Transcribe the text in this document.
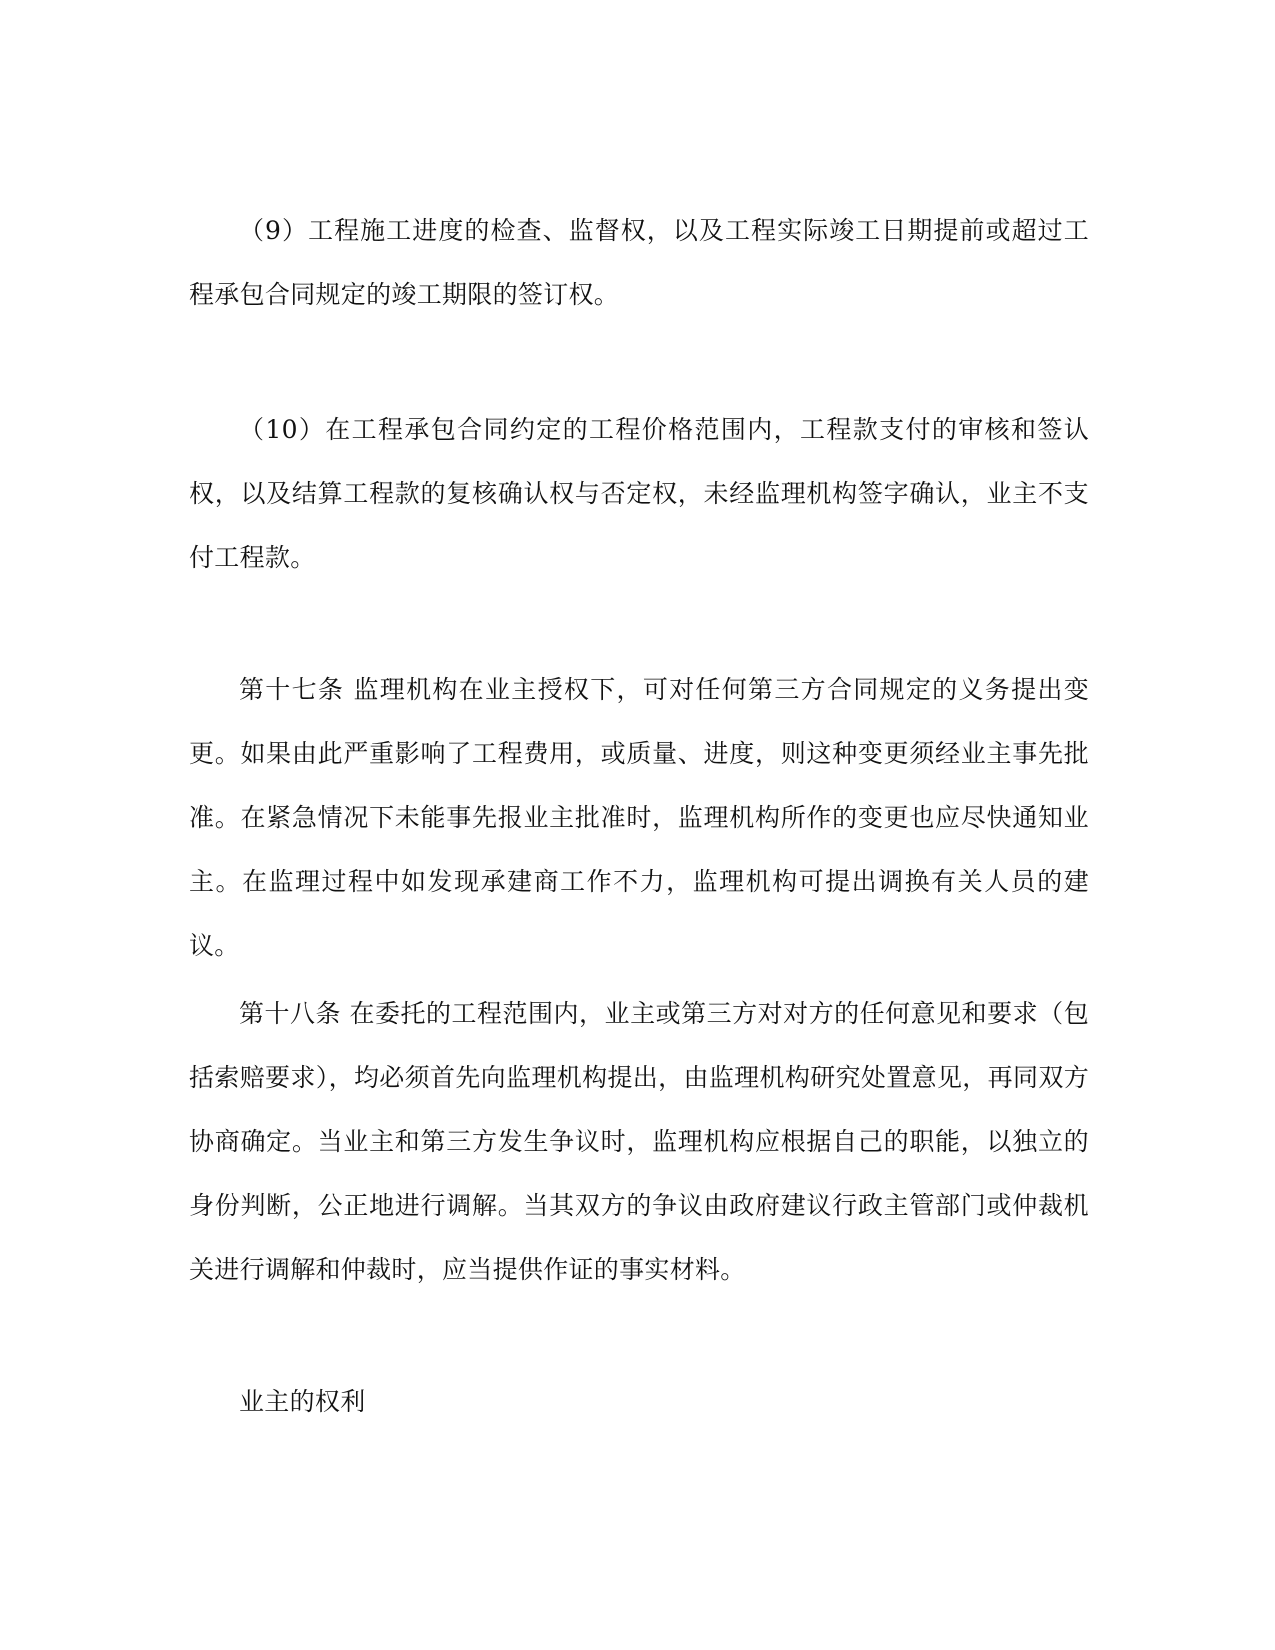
（9）工程施工进度的检查、监督权，以及工程实际竣工日期提前或超过工程承包合同规定的竣工期限的签订权。

（10）在工程承包合同约定的工程价格范围内，工程款支付的审核和签认权，以及结算工程款的复核确认权与否定权，未经监理机构签字确认，业主不支付工程款。

第十七条 监理机构在业主授权下，可对任何第三方合同规定的义务提出变更。如果由此严重影响了工程费用，或质量、进度，则这种变更须经业主事先批准。在紧急情况下未能事先报业主批准时，监理机构所作的变更也应尽快通知业主。在监理过程中如发现承建商工作不力，监理机构可提出调换有关人员的建议。

第十八条 在委托的工程范围内，业主或第三方对对方的任何意见和要求（包括索赔要求），均必须首先向监理机构提出，由监理机构研究处置意见，再同双方协商确定。当业主和第三方发生争议时，监理机构应根据自己的职能，以独立的身份判断，公正地进行调解。当其双方的争议由政府建议行政主管部门或仲裁机关进行调解和仲裁时，应当提供作证的事实材料。

业主的权利
